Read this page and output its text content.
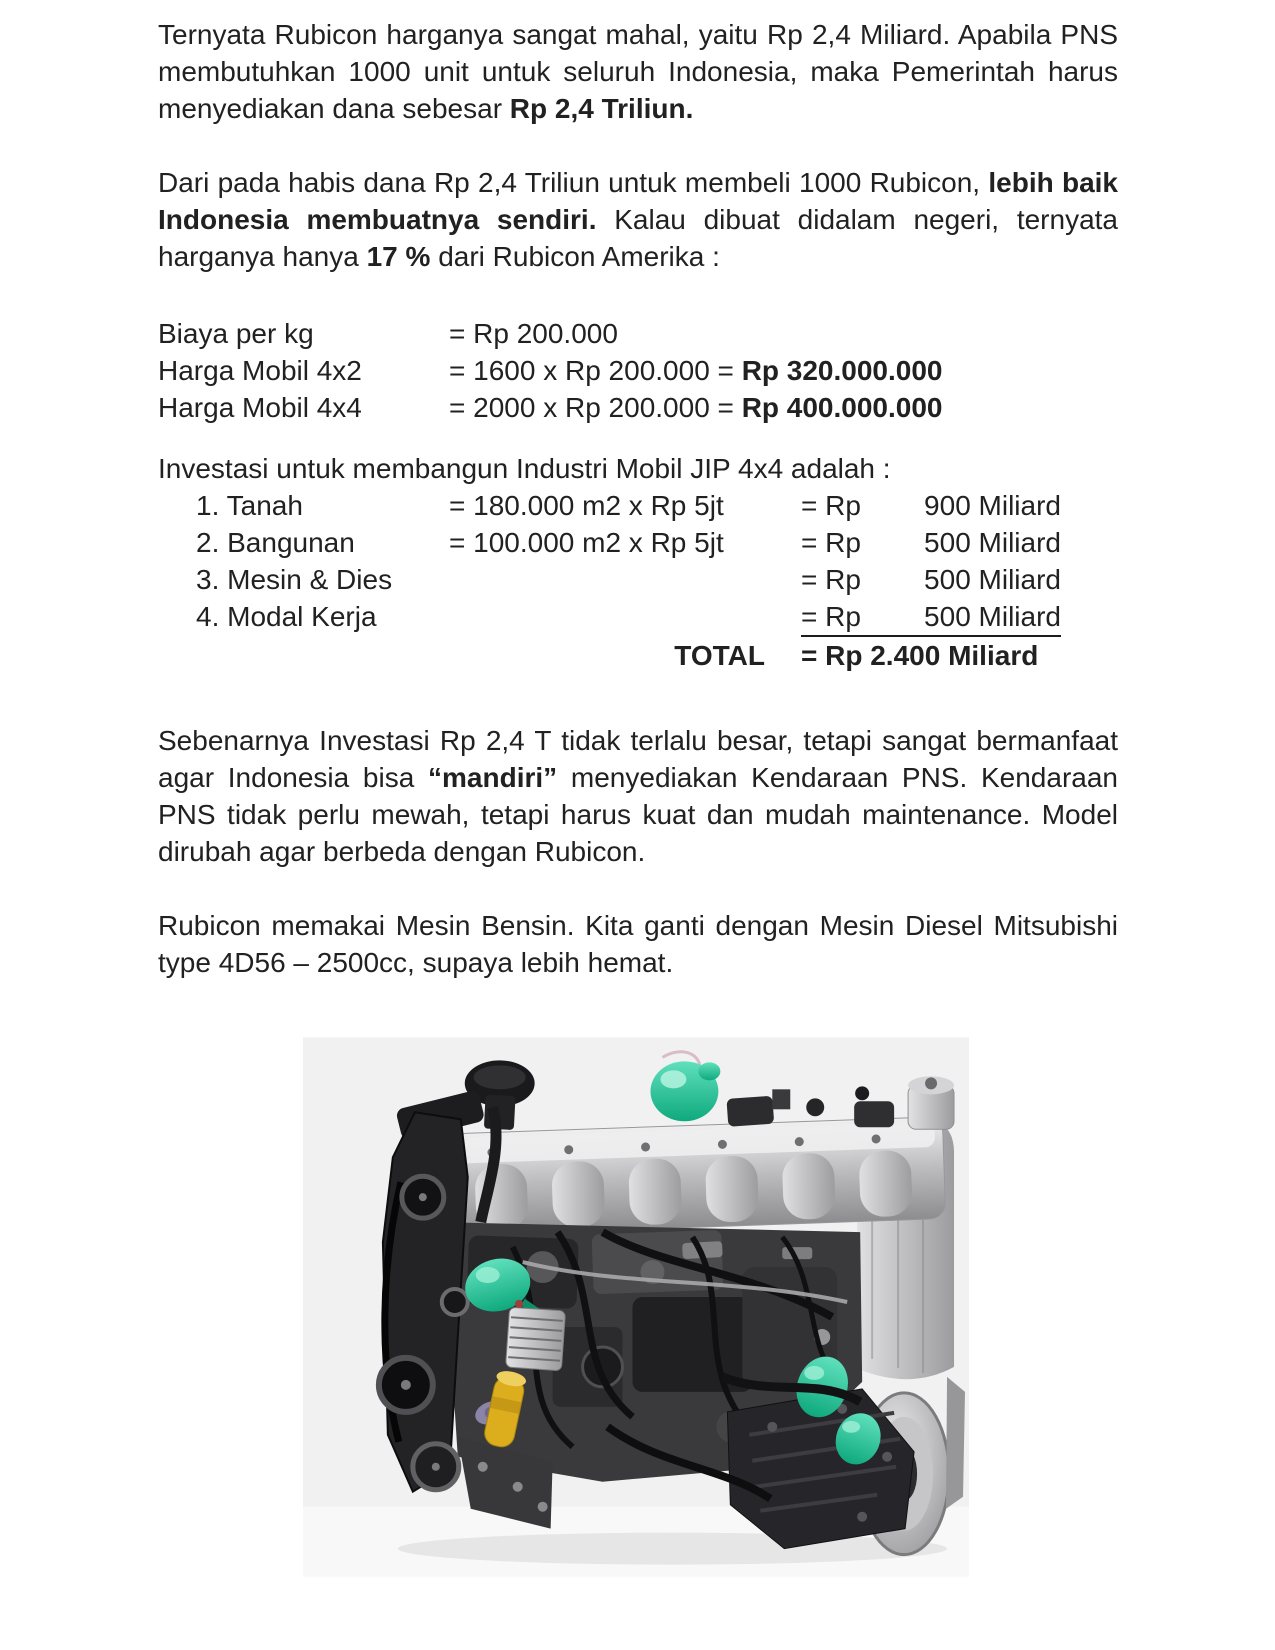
Ternyata Rubicon harganya sangat mahal, yaitu Rp 2,4 Miliard. Apabila PNS membutuhkan 1000 unit untuk seluruh Indonesia, maka Pemerintah harus menyediakan dana sebesar Rp 2,4 Triliun.

Dari pada habis dana Rp 2,4 Triliun untuk membeli 1000 Rubicon, lebih baik Indonesia membuatnya sendiri. Kalau dibuat didalam negeri, ternyata harganya hanya 17 % dari Rubicon Amerika :

Biaya per kg	= Rp 200.000
Harga Mobil 4x2	= 1600 x Rp 200.000 = Rp 320.000.000
Harga Mobil 4x4	= 2000 x Rp 200.000 = Rp 400.000.000

Investasi untuk membangun Industri Mobil JIP 4x4 adalah :

1. Tanah	= 180.000 m2 x Rp 5jt	= Rp	900 Miliard
2. Bangunan	= 100.000 m2 x Rp 5jt	= Rp	500 Miliard
3. Mesin & Dies	= Rp	500 Miliard
4. Modal Kerja	= Rp	500 Miliard
TOTAL	= Rp 2.400 Miliard

Sebenarnya Investasi Rp 2,4 T tidak terlalu besar, tetapi sangat bermanfaat agar Indonesia bisa “mandiri” menyediakan Kendaraan PNS. Kendaraan PNS tidak perlu mewah, tetapi harus kuat dan mudah maintenance. Model dirubah agar berbeda dengan Rubicon.

Rubicon memakai Mesin Bensin. Kita ganti dengan Mesin Diesel Mitsubishi type 4D56 – 2500cc, supaya lebih hemat.
